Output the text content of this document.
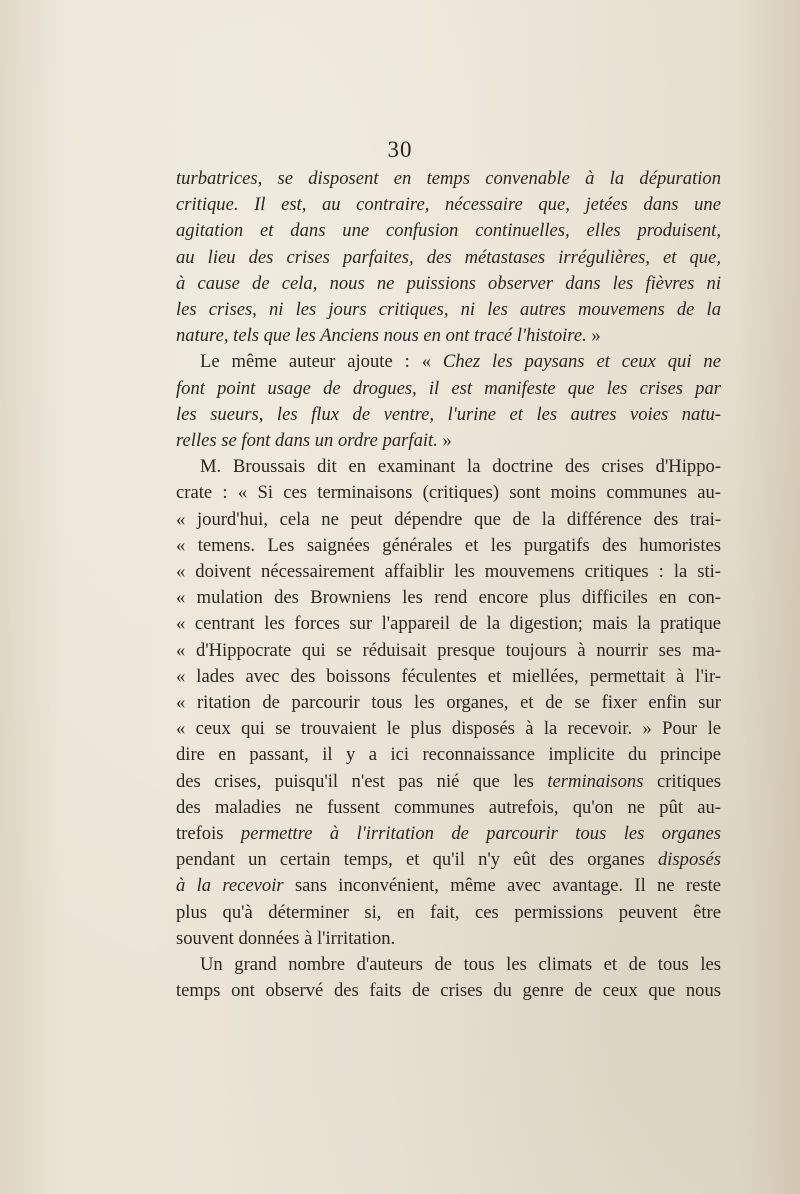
30
turbatrices, se disposent en temps convenable à la dépuration
critique. Il est, au contraire, nécessaire que, jetées dans une
agitation et dans une confusion continuelles, elles produisent,
au lieu des crises parfaites, des métastases irrégulières, et que,
à cause de cela, nous ne puissions observer dans les fièvres ni
les crises, ni les jours critiques, ni les autres mouvemens de la
nature, tels que les Anciens nous en ont tracé l'histoire. »
Le même auteur ajoute : « Chez les paysans et ceux qui ne
font point usage de drogues, il est manifeste que les crises par
les sueurs, les flux de ventre, l'urine et les autres voies natu-
relles se font dans un ordre parfait. »
M. Broussais dit en examinant la doctrine des crises d'Hippo-
crate : « Si ces terminaisons (critiques) sont moins communes au-
« jourd'hui, cela ne peut dépendre que de la différence des trai-
« temens. Les saignées générales et les purgatifs des humoristes
« doivent nécessairement affaiblir les mouvemens critiques : la sti-
« mulation des Browniens les rend encore plus difficiles en con-
« centrant les forces sur l'appareil de la digestion; mais la pratique
« d'Hippocrate qui se réduisait presque toujours à nourrir ses ma-
« lades avec des boissons féculentes et miellées, permettait à l'ir-
« ritation de parcourir tous les organes, et de se fixer enfin sur
« ceux qui se trouvaient le plus disposés à la recevoir. » Pour le
dire en passant, il y a ici reconnaissance implicite du principe
des crises, puisqu'il n'est pas nié que les terminaisons critiques
des maladies ne fussent communes autrefois, qu'on ne pût au-
trefois permettre à l'irritation de parcourir tous les organes
pendant un certain temps, et qu'il n'y eût des organes disposés
à la recevoir sans inconvénient, même avec avantage. Il ne reste
plus qu'à déterminer si, en fait, ces permissions peuvent être
souvent données à l'irritation.
Un grand nombre d'auteurs de tous les climats et de tous les
temps ont observé des faits de crises du genre de ceux que nous
